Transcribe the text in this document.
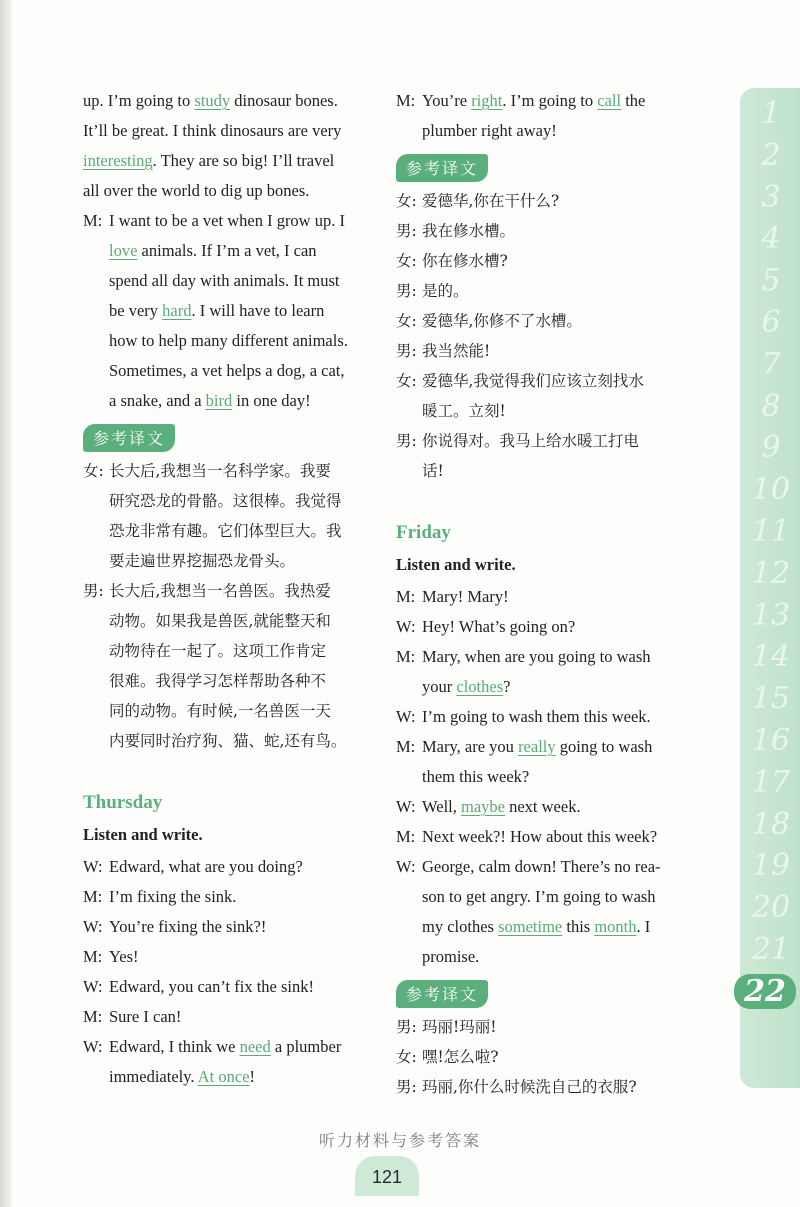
up. I’m going to study dinosaur bones.
It’ll be great. I think dinosaurs are very
interesting. They are so big! I’ll travel
all over the world to dig up bones.
M: I want to be a vet when I grow up. I
love animals. If I’m a vet, I can
spend all day with animals. It must
be very hard. I will have to learn
how to help many different animals.
Sometimes, a vet helps a dog, a cat,
a snake, and a bird in one day!
参考译文
女: 长大后,我想当一名科学家。我要
研究恐龙的骨骼。这很棒。我觉得
恐龙非常有趣。它们体型巨大。我
要走遍世界挖掘恐龙骨头。
男: 长大后,我想当一名兽医。我热爱
动物。如果我是兽医,就能整天和
动物待在一起了。这项工作肯定
很难。我得学习怎样帮助各种不
同的动物。有时候,一名兽医一天
内要同时治疗狗、猫、蛇,还有鸟。
Thursday
Listen and write.
W: Edward, what are you doing?
M: I’m fixing the sink.
W: You’re fixing the sink?!
M: Yes!
W: Edward, you can’t fix the sink!
M: Sure I can!
W: Edward, I think we need a plumber
immediately. At once!
M: You’re right. I’m going to call the
plumber right away!
参考译文
女: 爱德华,你在干什么?
男: 我在修水槽。
女: 你在修水槽?
男: 是的。
女: 爱德华,你修不了水槽。
男: 我当然能!
女: 爱德华,我觉得我们应该立刻找水
暖工。立刻!
男: 你说得对。我马上给水暖工打电
话!
Friday
Listen and write.
M: Mary! Mary!
W: Hey! What’s going on?
M: Mary, when are you going to wash
your clothes?
W: I’m going to wash them this week.
M: Mary, are you really going to wash
them this week?
W: Well, maybe next week.
M: Next week?! How about this week?
W: George, calm down! There’s no rea-
son to get angry. I’m going to wash
my clothes sometime this month. I
promise.
参考译文
男: 玛丽!玛丽!
女: 嘿!怎么啦?
男: 玛丽,你什么时候洗自己的衣服?
1
2
3
4
5
6
7
8
9
10
11
12
13
14
15
16
17
18
19
20
21
22
听力材料与参考答案
121
